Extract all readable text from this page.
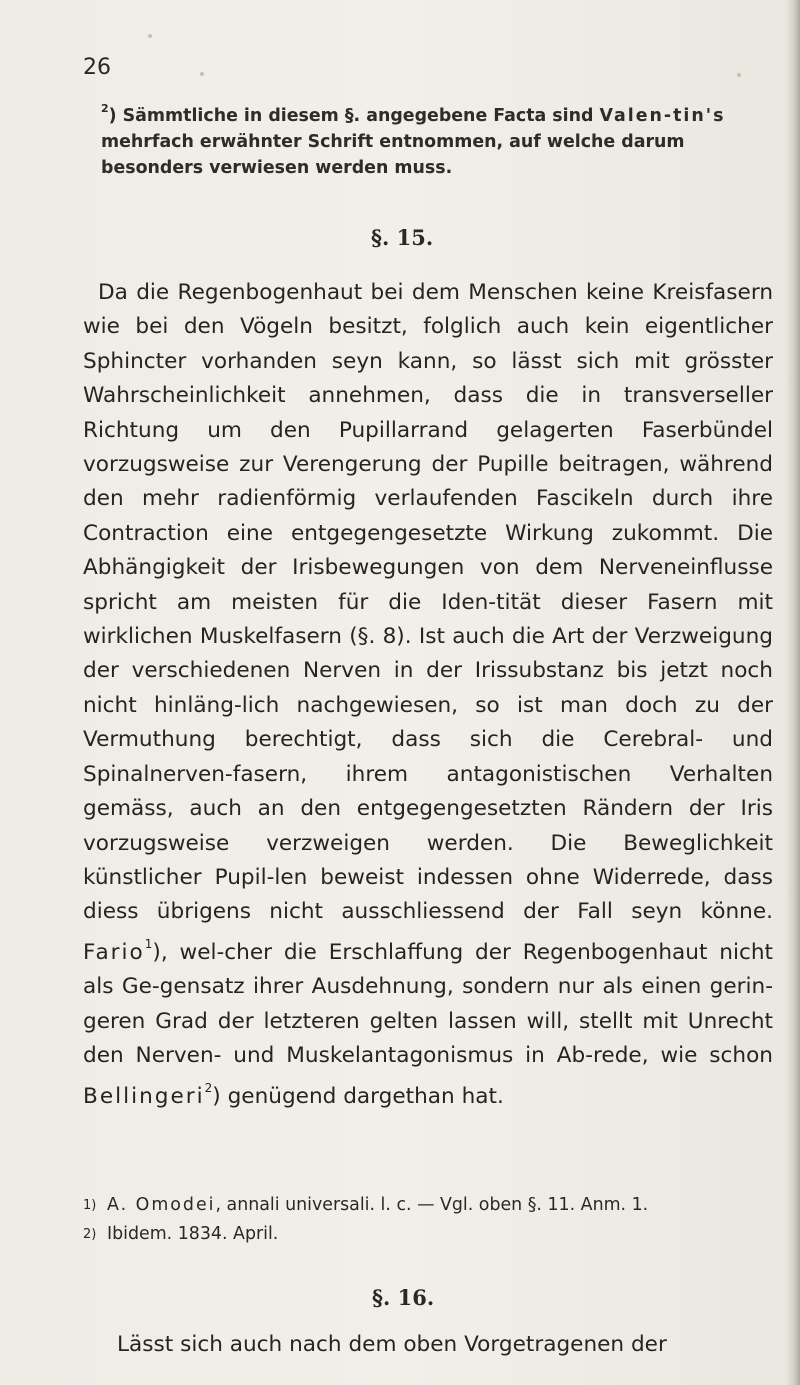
26

$^2$) Sämmtliche in diesem §. angegebene Facta sind Valen-tin's mehrfach erwähnter Schrift entnommen, auf welche darum besonders verwiesen werden muss.

§. 15.

Da die Regenbogenhaut bei dem Menschen keine Kreisfasern wie bei den Vögeln besitzt, folglich auch kein eigentlicher Sphincter vorhanden seyn kann, so lässt sich mit grösster Wahrscheinlichkeit annehmen, dass die in transverseller Richtung um den Pupillarrand gelagerten Faserbündel vorzugsweise zur Verengerung der Pupille beitragen, während den mehr radienförmig verlaufenden Fascikeln durch ihre Contraction eine entgegengesetzte Wirkung zukommt. Die Abhängigkeit der Irisbewegungen von dem Nerveneinflusse spricht am meisten für die Iden-tität dieser Fasern mit wirklichen Muskelfasern (§. 8). Ist auch die Art der Verzweigung der verschiedenen Nerven in der Irissubstanz bis jetzt noch nicht hinläng-lich nachgewiesen, so ist man doch zu der Vermuthung berechtigt, dass sich die Cerebral- und Spinalnerven-fasern, ihrem antagonistischen Verhalten gemäss, auch an den entgegengesetzten Rändern der Iris vorzugsweise verzweigen werden. Die Beweglichkeit künstlicher Pupil-len beweist indessen ohne Widerrede, dass diess übrigens nicht ausschliessend der Fall seyn könne. Fario$^1$), wel-cher die Erschlaffung der Regenbogenhaut nicht als Ge-gensatz ihrer Ausdehnung, sondern nur als einen gerin-geren Grad der letzteren gelten lassen will, stellt mit Unrecht den Nerven- und Muskelantagonismus in Ab-rede, wie schon Bellingeri$^2$) genügend dargethan hat.

1) A. Omodei, annali universali. l. c. — Vgl. oben §. 11. Anm. 1.
2) Ibidem. 1834. April.
§. 16.

Lässt sich auch nach dem oben Vorgetragenen der
